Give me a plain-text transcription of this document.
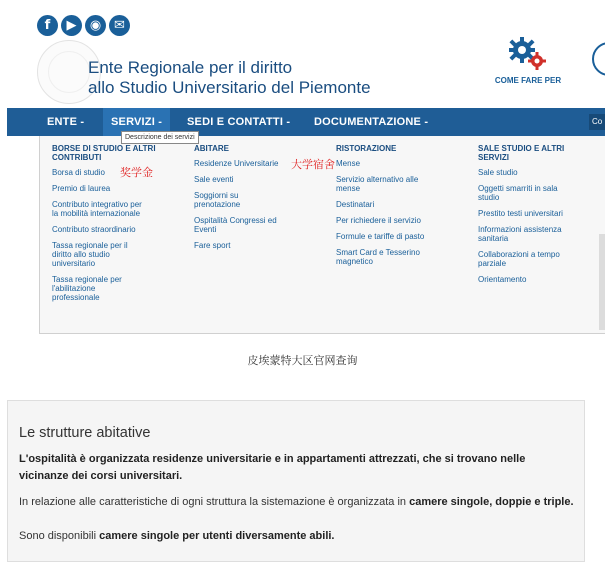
f	▶	◉ ✉
Ente Regionale per il diritto
allo Studio Universitario del Piemonte	COME FARE PER
ENTE -	SERVIZI -	SEDI E CONTATTI - DOCUMENTAZIONE -	Co
BORSE DI STUDIO E ALTRI CONTRIBUTI
Borsa di studio
Premio di laurea
Contributo integrativo per la mobilità internazionale
Contributo straordinario
Tassa regionale per il diritto allo studio universitario
Tassa regionale per l'abilitazione professionale
ABITARE
Residenze Universitarie
Sale eventi
Soggiorni su prenotazione
Ospitalità Congressi ed Eventi
Fare sport
RISTORAZIONE
Mense
Servizio alternativo alle mense
Destinatari
Per richiedere il servizio
Formule e tariffe di pasto
Smart Card e Tesserino magnetico
SALE STUDIO E ALTRI SERVIZI
Sale studio
Oggetti smarriti in sala studio
Prestito testi universitari
Informazioni assistenza sanitaria
Collaborazioni a tempo parziale
Orientamento
Descrizione dei servizi
奖学金
大学宿舍
皮埃蒙特大区官网查询
Le strutture abitative
L'ospitalità è organizzata residenze universitarie e in appartamenti attrezzati, che si trovano nelle vicinanze dei corsi universitari.
In relazione alle caratteristiche di ogni struttura la sistemazione è organizzata in camere singole, doppie e triple.
Sono disponibili camere singole per utenti diversamente abili.
